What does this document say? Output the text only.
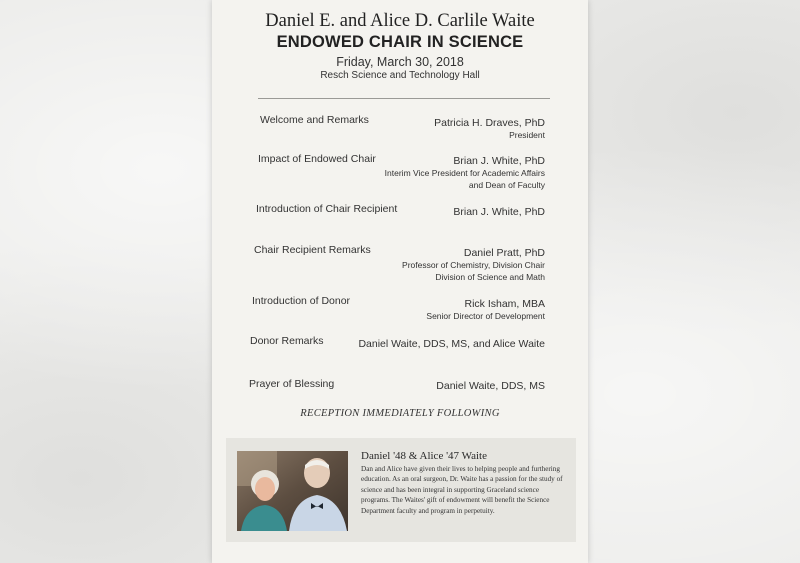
Daniel E. and Alice D. Carlile Waite
ENDOWED CHAIR IN SCIENCE
Friday, March 30, 2018
Resch Science and Technology Hall
Welcome and Remarks	Patricia H. Draves, PhD
President
Impact of Endowed Chair	Brian J. White, PhD
Interim Vice President for Academic Affairs
and Dean of Faculty
Introduction of Chair Recipient	Brian J. White, PhD
Chair Recipient Remarks	Daniel Pratt, PhD
Professor of Chemistry, Division Chair
Division of Science and Math
Introduction of Donor	Rick Isham, MBA
Senior Director of Development
Donor Remarks	Daniel Waite, DDS, MS, and Alice Waite
Prayer of Blessing	Daniel Waite, DDS, MS
RECEPTION IMMEDIATELY FOLLOWING
Daniel '48 & Alice '47 Waite
Dan and Alice have given their lives to helping people and furthering education. As an oral surgeon, Dr. Waite has a passion for the study of science and has been integral in supporting Graceland science programs. The Waites' gift of endowment will benefit the Science Department faculty and program in perpetuity.
